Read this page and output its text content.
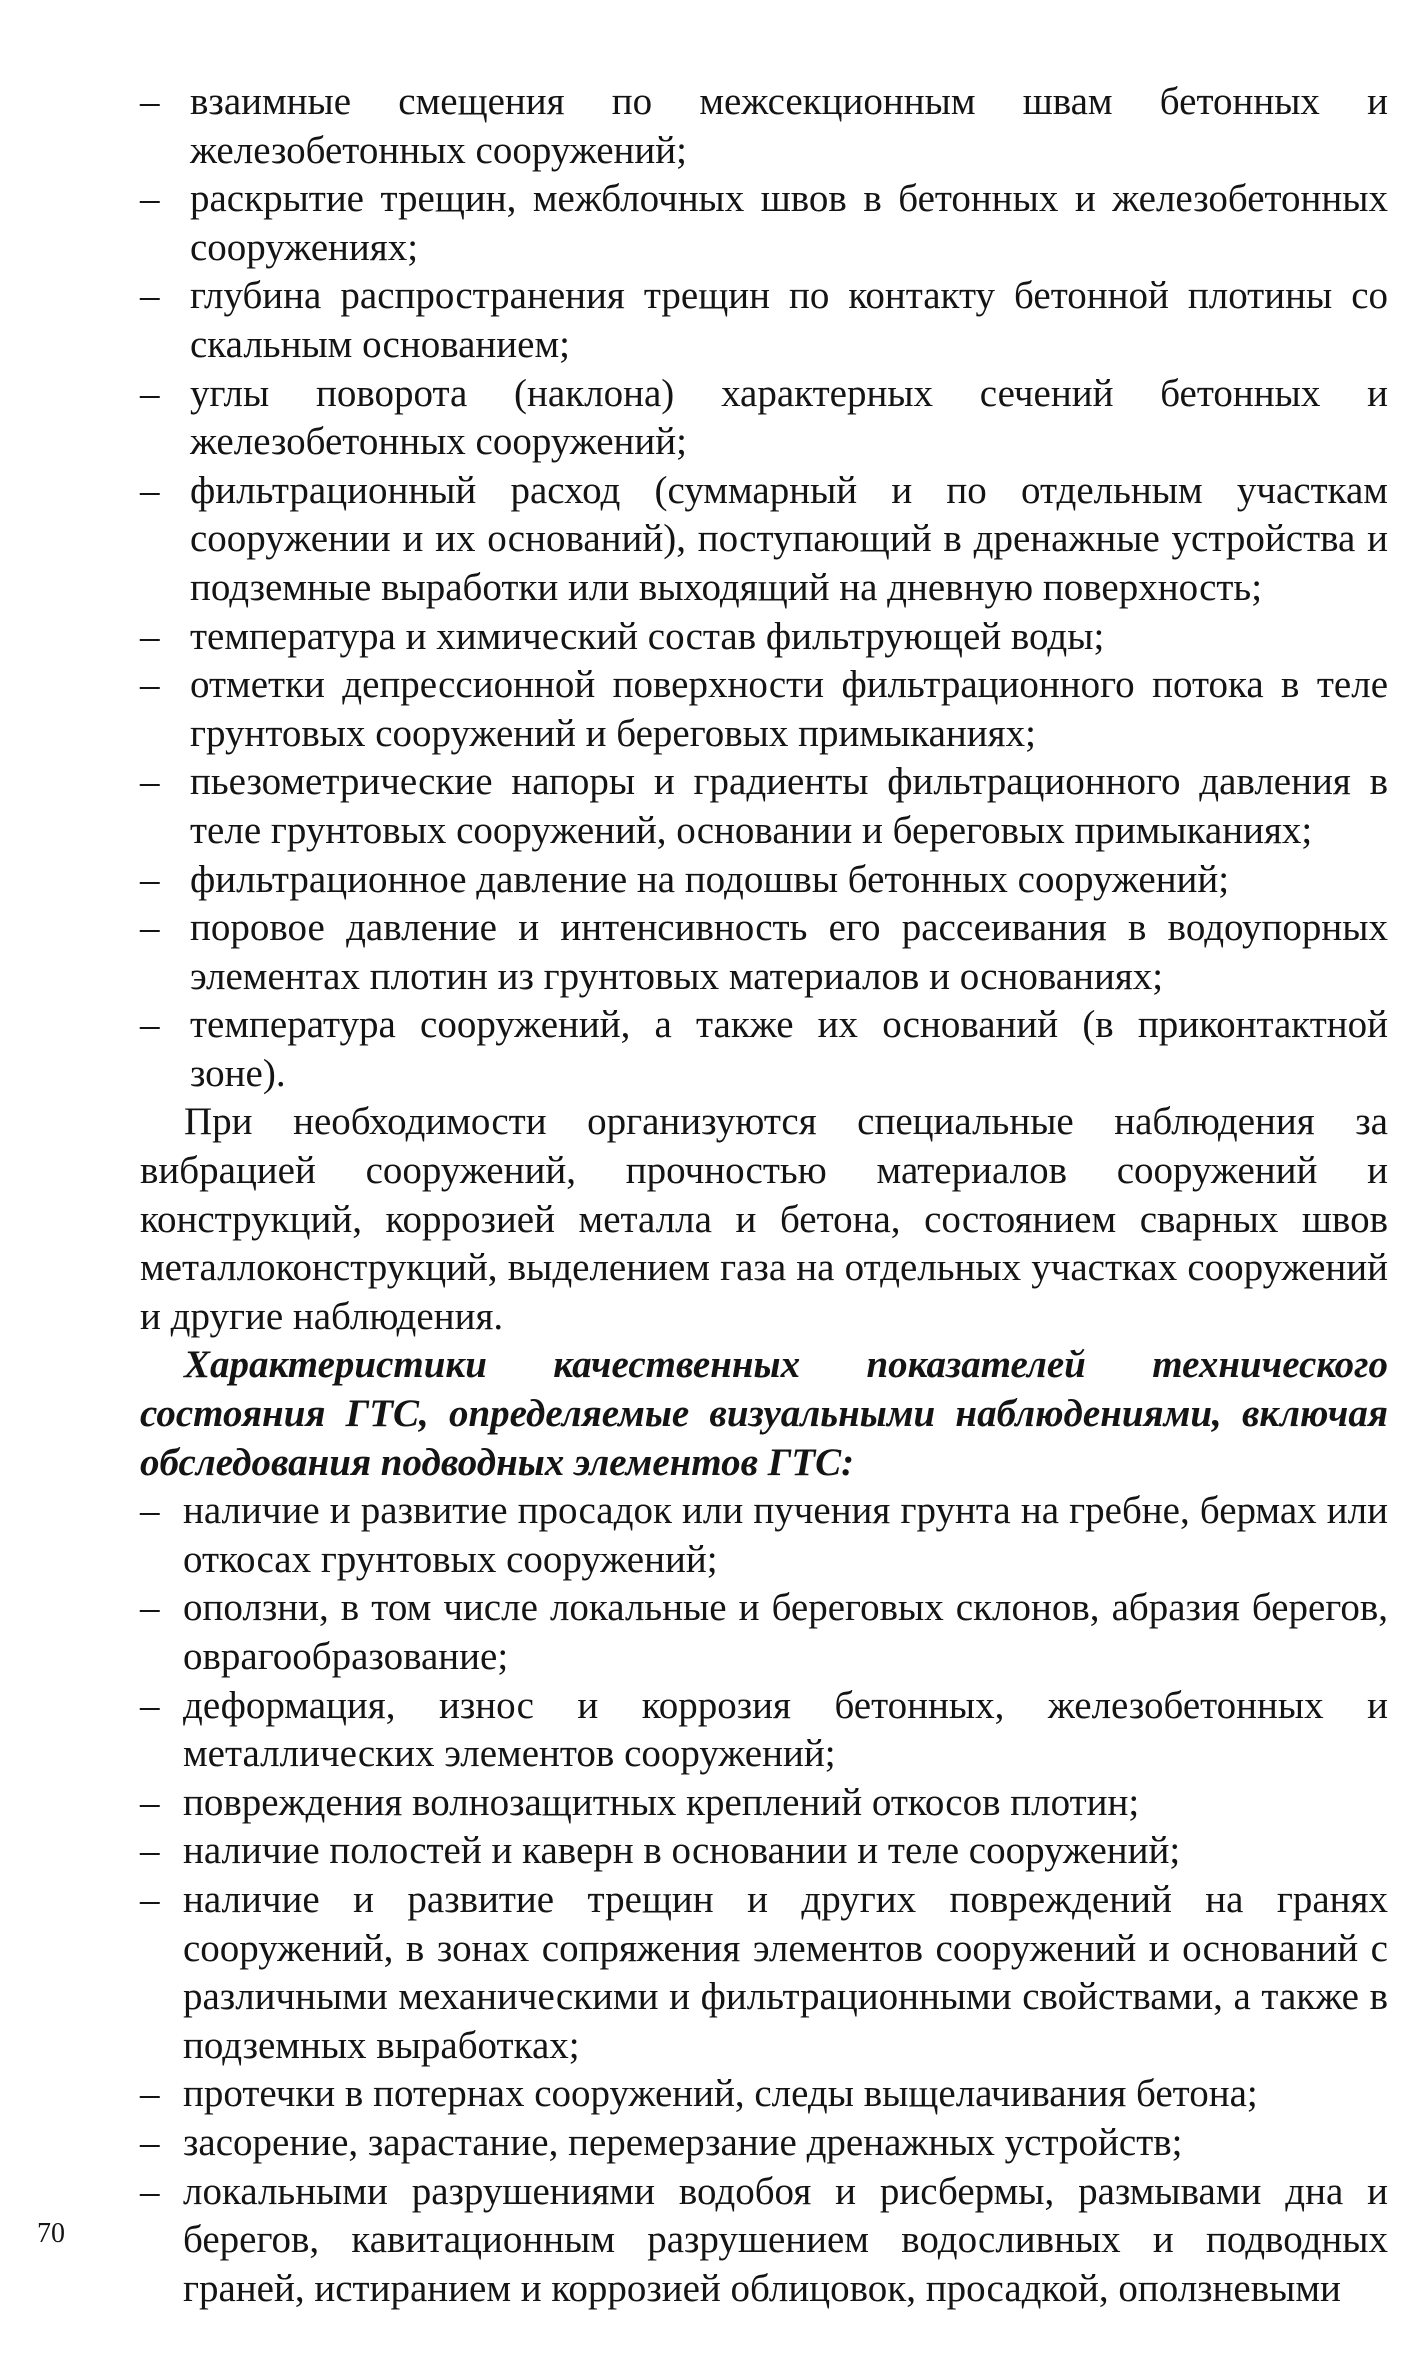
– взаимные смещения по межсекционным швам бетонных и железобетонных сооружений;
– раскрытие трещин, межблочных швов в бетонных и железобетонных сооружениях;
– глубина распространения трещин по контакту бетонной плотины со скальным основанием;
– углы поворота (наклона) характерных сечений бетонных и железобетонных сооружений;
– фильтрационный расход (суммарный и по отдельным участкам сооружении и их оснований), поступающий в дренажные устройства и подземные выработки или выходящий на дневную поверхность;
– температура и химический состав фильтрующей воды;
– отметки депрессионной поверхности фильтрационного потока в теле грунтовых сооружений и береговых примыканиях;
– пьезометрические напоры и градиенты фильтрационного давления в теле грунтовых сооружений, основании и береговых примыканиях;
– фильтрационное давление на подошвы бетонных сооружений;
– поровое давление и интенсивность его рассеивания в водоупорных элементах плотин из грунтовых материалов и основаниях;
– температура сооружений, а также их оснований (в приконтактной зоне).

При необходимости организуются специальные наблюдения за вибрацией сооружений, прочностью материалов сооружений и конструкций, коррозией металла и бетона, состоянием сварных швов металлоконструкций, выделением газа на отдельных участках сооружений и другие наблюдения.

Характеристики качественных показателей технического состояния ГТС, определяемые визуальными наблюдениями, включая обследования подводных элементов ГТС:

– наличие и развитие просадок или пучения грунта на гребне, бермах или откосах грунтовых сооружений;
– оползни, в том числе локальные и береговых склонов, абразия берегов, оврагообразование;
– деформация, износ и коррозия бетонных, железобетонных и металлических элементов сооружений;
– повреждения волнозащитных креплений откосов плотин;
– наличие полостей и каверн в основании и теле сооружений;
– наличие и развитие трещин и других повреждений на гранях сооружений, в зонах сопряжения элементов сооружений и оснований с различными механическими и фильтрационными свойствами, а также в подземных выработках;
– протечки в потернах сооружений, следы выщелачивания бетона;
– засорение, зарастание, перемерзание дренажных устройств;
– локальными разрушениями водобоя и рисбермы, размывами дна и берегов, кавитационным разрушением водосливных и подводных граней, истиранием и коррозией облицовок, просадкой, оползневыми
70
